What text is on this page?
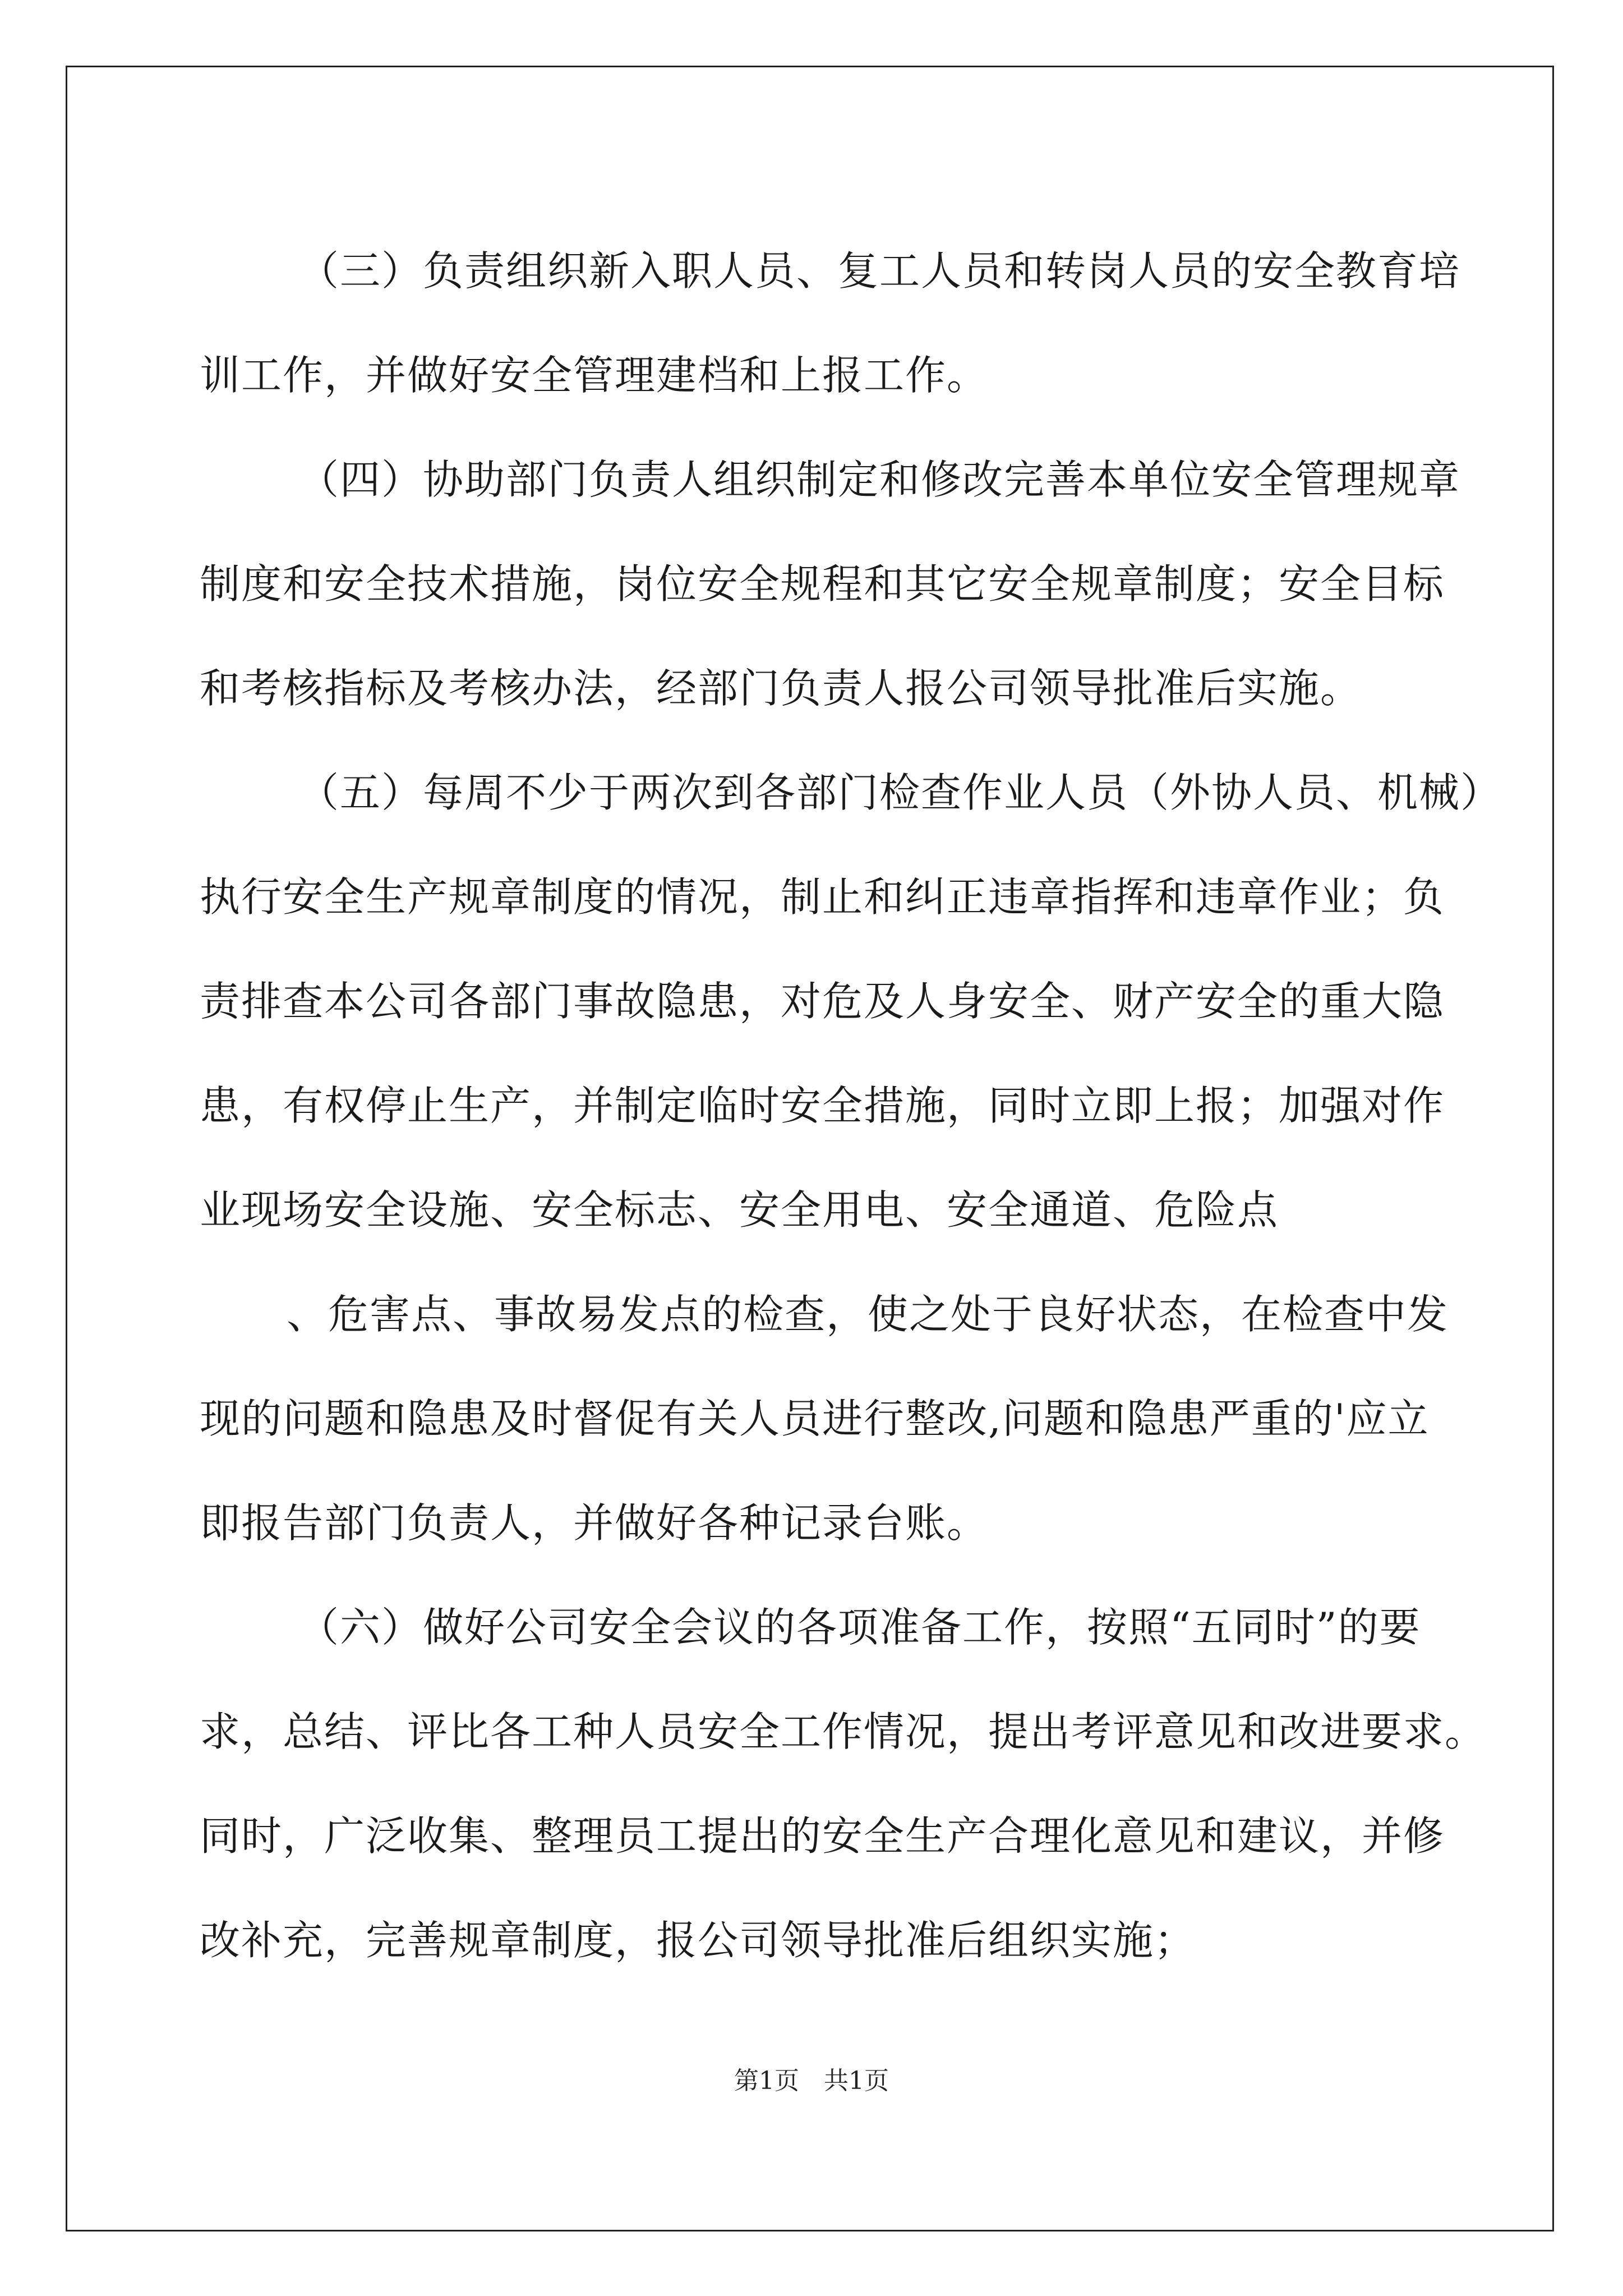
（三）负责组织新入职人员、复工人员和转岗人员的安全教育培
训工作，并做好安全管理建档和上报工作。
（四）协助部门负责人组织制定和修改完善本单位安全管理规章
制度和安全技术措施，岗位安全规程和其它安全规章制度；安全目标
和考核指标及考核办法，经部门负责人报公司领导批准后实施。
（五）每周不少于两次到各部门检查作业人员（外协人员、机械）
执行安全生产规章制度的情况，制止和纠正违章指挥和违章作业；负
责排查本公司各部门事故隐患，对危及人身安全、财产安全的重大隐
患，有权停止生产，并制定临时安全措施，同时立即上报；加强对作
业现场安全设施、安全标志、安全用电、安全通道、危险点
、危害点、事故易发点的检查，使之处于良好状态，在检查中发
现的问题和隐患及时督促有关人员进行整改,问题和隐患严重的'应立
即报告部门负责人，并做好各种记录台账。
（六）做好公司安全会议的各项准备工作，按照“五同时”的要
求，总结、评比各工种人员安全工作情况，提出考评意见和改进要求。
同时，广泛收集、整理员工提出的安全生产合理化意见和建议，并修
改补充，完善规章制度，报公司领导批准后组织实施；
第1页　共1页
